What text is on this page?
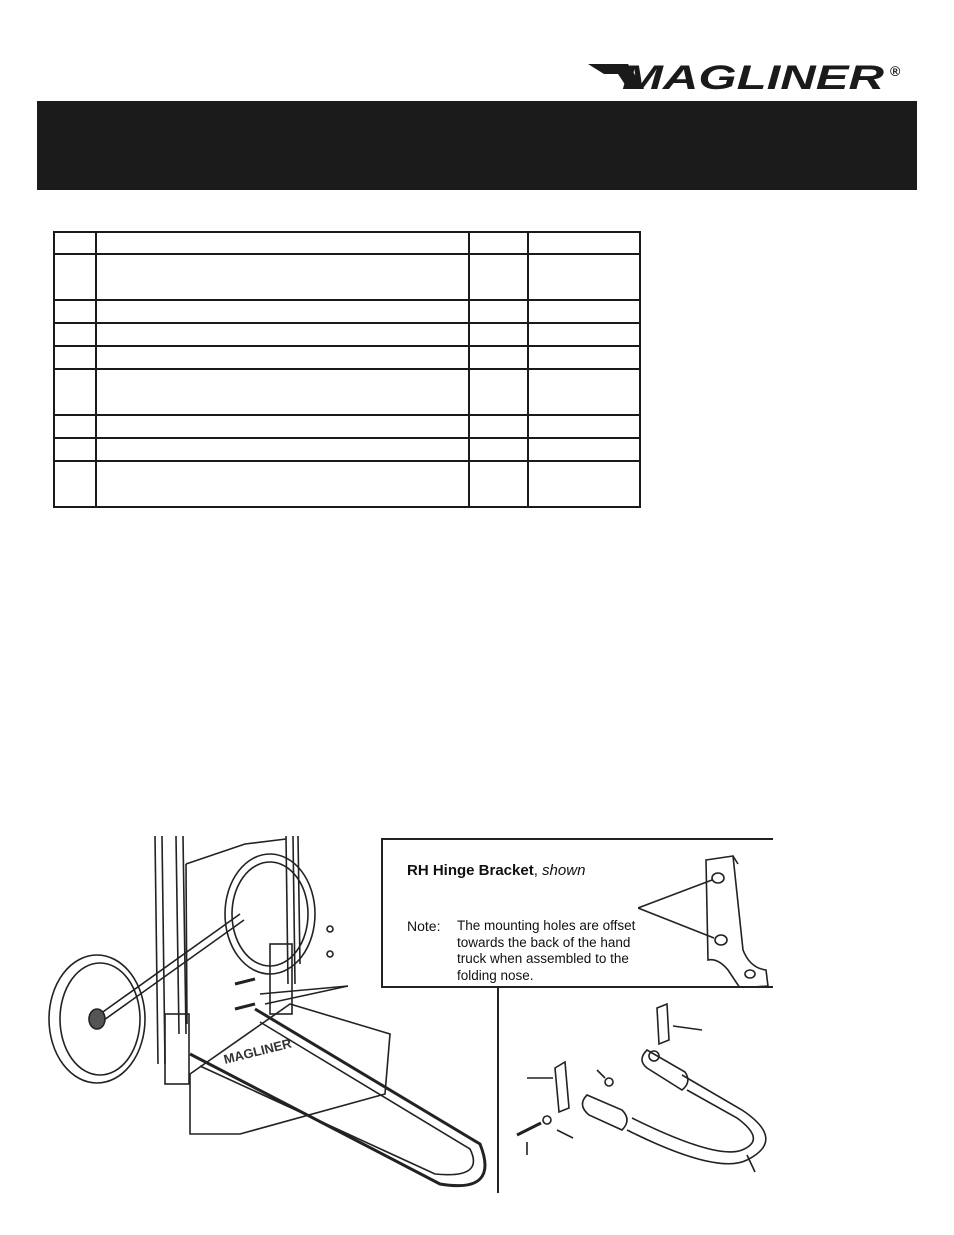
MAGLINER ®

MAGLINER
RH Hinge Bracket, shown
Note: The mounting holes are offset towards the back of the hand truck when assembled to the folding nose.
